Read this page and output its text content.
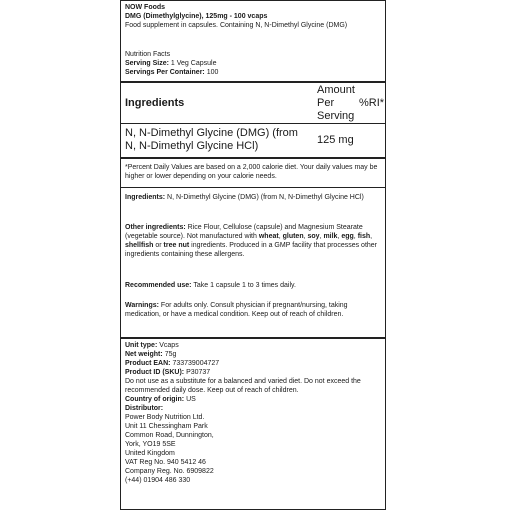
NOW Foods

DMG (Dimethylglycine), 125mg - 100 vcaps

Food supplement in capsules. Containing N, N-Dimethyl Glycine (DMG)

Nutrition Facts

Serving Size: 1 Veg Capsule

Servings Per Container: 100

Ingredients
Amount Per Serving
%RI*
N, N-Dimethyl Glycine (DMG) (from N, N-Dimethyl Glycine HCl)	125 mg
*Percent Daily Values are based on a 2,000 calorie diet. Your daily values may be higher or lower depending on your calorie needs.
Ingredients: N, N-Dimethyl Glycine (DMG) (from N, N-Dimethyl Glycine HCl)
Other ingredients: Rice Flour, Cellulose (capsule) and Magnesium Stearate (vegetable source). Not manufactured with wheat, gluten, soy, milk, egg, fish, shellfish or tree nut ingredients. Produced in a GMP facility that processes other ingredients containing these allergens.
Recommended use: Take 1 capsule 1 to 3 times daily.
Warnings: For adults only. Consult physician if pregnant/nursing, taking medication, or have a medical condition. Keep out of reach of children.

Unit type: Vcaps

Net weight: 75g

Product EAN: 733739004727

Product ID (SKU): P30737

Do not use as a substitute for a balanced and varied diet. Do not exceed the recommended daily dose. Keep out of reach of children.

Country of origin: US

Distributor:

Power Body Nutrition Ltd.

Unit 11 Chessingham Park

Common Road, Dunnington,

York, YO19 5SE

United Kingdom

VAT Reg No. 940 5412 46

Company Reg. No. 6909822

(+44) 01904 486 330
